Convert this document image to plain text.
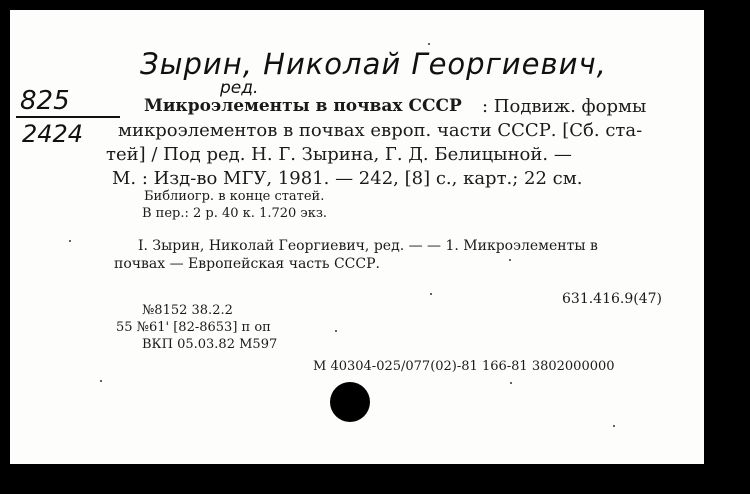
Зырин, Николай Георгиевич,
ред.
825
2424
Микроэлементы в почвах СССР : Подвиж. формы
микроэлементов в почвах европ. части СССР. [Сб. ста-
тей] / Под ред. Н. Г. Зырина, Г. Д. Белицыной. —
М. : Изд-во МГУ, 1981. — 242, [8] с., карт.; 22 см.
Библиогр. в конце статей.
В пер.: 2 р. 40 к. 1.720 экз.
I. Зырин, Николай Георгиевич, ред. — — 1. Микроэлементы в
почвах — Европейская часть СССР.
631.416.9(47)
№8152 38.2.2
55 №61' [82-8653] п оп
ВКП 05.03.82 М597
М 40304-025/077(02)-81 166-81 3802000000
